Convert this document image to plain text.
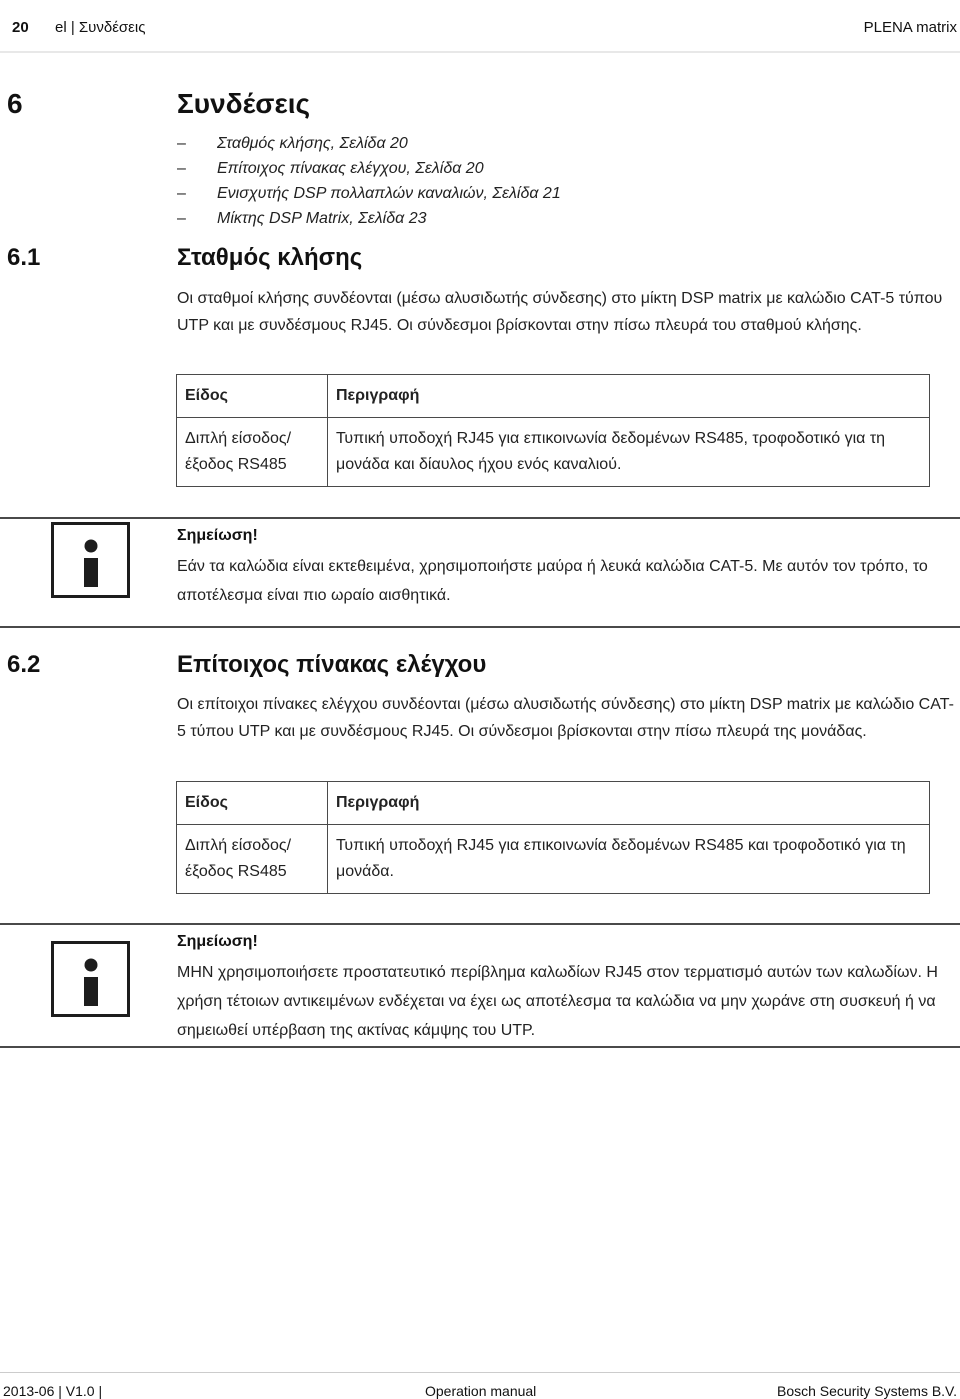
20 el | Συνδέσεις	PLENA matrix
6	Συνδέσεις
– Σταθμός κλήσης, Σελίδα 20
– Επίτοιχος πίνακας ελέγχου, Σελίδα 20
– Ενισχυτής DSP πολλαπλών καναλιών, Σελίδα 21
– Μίκτης DSP Matrix, Σελίδα 23
6.1	Σταθμός κλήσης
Οι σταθμοί κλήσης συνδέονται (μέσω αλυσιδωτής σύνδεσης) στο μίκτη DSP matrix με καλώδιο CAT-5 τύπου UTP και με συνδέσμους RJ45. Οι σύνδεσμοι βρίσκονται στην πίσω πλευρά του σταθμού κλήσης.
Είδος	Περιγραφή
Διπλή είσοδος/ έξοδος RS485	Τυπική υποδοχή RJ45 για επικοινωνία δεδομένων RS485, τροφοδοτικό για τη μονάδα και δίαυλος ήχου ενός καναλιού.
Σημείωση!
Εάν τα καλώδια είναι εκτεθειμένα, χρησιμοποιήστε μαύρα ή λευκά καλώδια CAT-5. Με αυτόν τον τρόπο, το αποτέλεσμα είναι πιο ωραίο αισθητικά.
6.2	Επίτοιχος πίνακας ελέγχου
Οι επίτοιχοι πίνακες ελέγχου συνδέονται (μέσω αλυσιδωτής σύνδεσης) στο μίκτη DSP matrix με καλώδιο CAT-5 τύπου UTP και με συνδέσμους RJ45. Οι σύνδεσμοι βρίσκονται στην πίσω πλευρά της μονάδας.
Είδος	Περιγραφή
Διπλή είσοδος/ έξοδος RS485	Τυπική υποδοχή RJ45 για επικοινωνία δεδομένων RS485 και τροφοδοτικό για τη μονάδα.
Σημείωση!
ΜΗΝ χρησιμοποιήσετε προστατευτικό περίβλημα καλωδίων RJ45 στον τερματισμό αυτών των καλωδίων. Η χρήση τέτοιων αντικειμένων ενδέχεται να έχει ως αποτέλεσμα τα καλώδια να μην χωράνε στη συσκευή ή να σημειωθεί υπέρβαση της ακτίνας κάμψης του UTP.
2013-06 | V1.0 |	Operation manual	Bosch Security Systems B.V.
